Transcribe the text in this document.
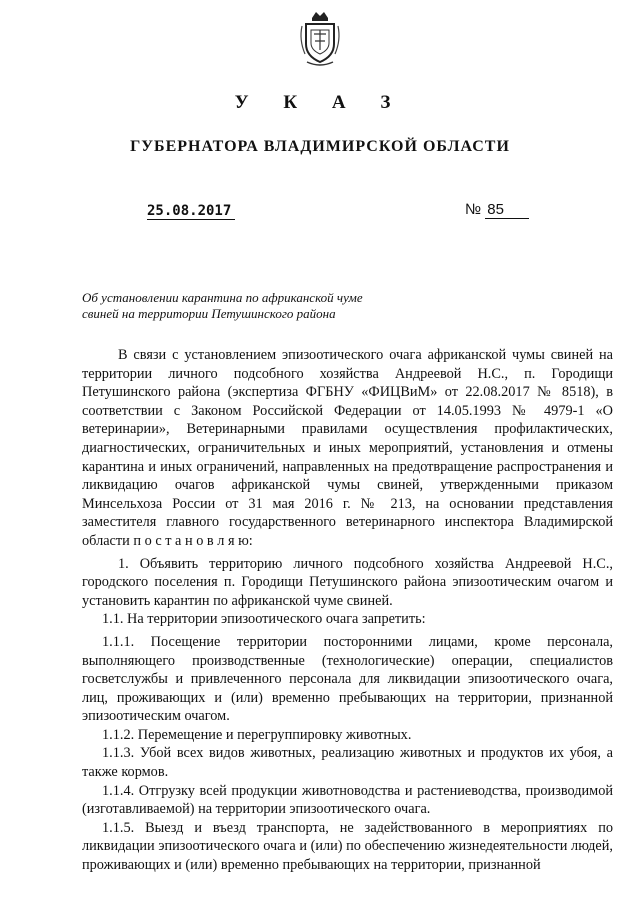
У К А З
ГУБЕРНАТОРА ВЛАДИМИРСКОЙ ОБЛАСТИ
25.08.2017	№ 85
Об установлении карантина по африканской чуме
свиней на территории Петушинского района

В связи с установлением эпизоотического очага африканской чумы свиней на территории личного подсобного хозяйства Андреевой Н.С., п. Городищи Петушинского района (экспертиза ФГБНУ «ФИЦВиМ» от 22.08.2017 № 8518), в соответствии с Законом Российской Федерации от 14.05.1993 № 4979-1 «О ветеринарии», Ветеринарными правилами осуществления профилактических, диагностических, ограничительных и иных мероприятий, установления и отмены карантина и иных ограничений, направленных на предотвращение распространения и ликвидацию очагов африканской чумы свиней, утвержденными приказом Минсельхоза России от 31 мая 2016 г. № 213, на основании представления заместителя главного государственного ветеринарного инспектора Владимирской области п о с т а н о в л я ю:

1. Объявить территорию личного подсобного хозяйства Андреевой Н.С., городского поселения п. Городищи Петушинского района эпизоотическим очагом и установить карантин по африканской чуме свиней.

1.1. На территории эпизоотического очага запретить:

1.1.1. Посещение территории посторонними лицами, кроме персонала, выполняющего производственные (технологические) операции, специалистов госветслужбы и привлеченного персонала для ликвидации эпизоотического очага, лиц, проживающих и (или) временно пребывающих на территории, признанной эпизоотическим очагом.

1.1.2. Перемещение и перегруппировку животных.

1.1.3. Убой всех видов животных, реализацию животных и продуктов их убоя, а также кормов.

1.1.4. Отгрузку всей продукции животноводства и растениеводства, производимой (изготавливаемой) на территории эпизоотического очага.

1.1.5. Выезд и въезд транспорта, не задействованного в мероприятиях по ликвидации эпизоотического очага и (или) по обеспечению жизнедеятельности людей, проживающих и (или) временно пребывающих на территории, признанной
